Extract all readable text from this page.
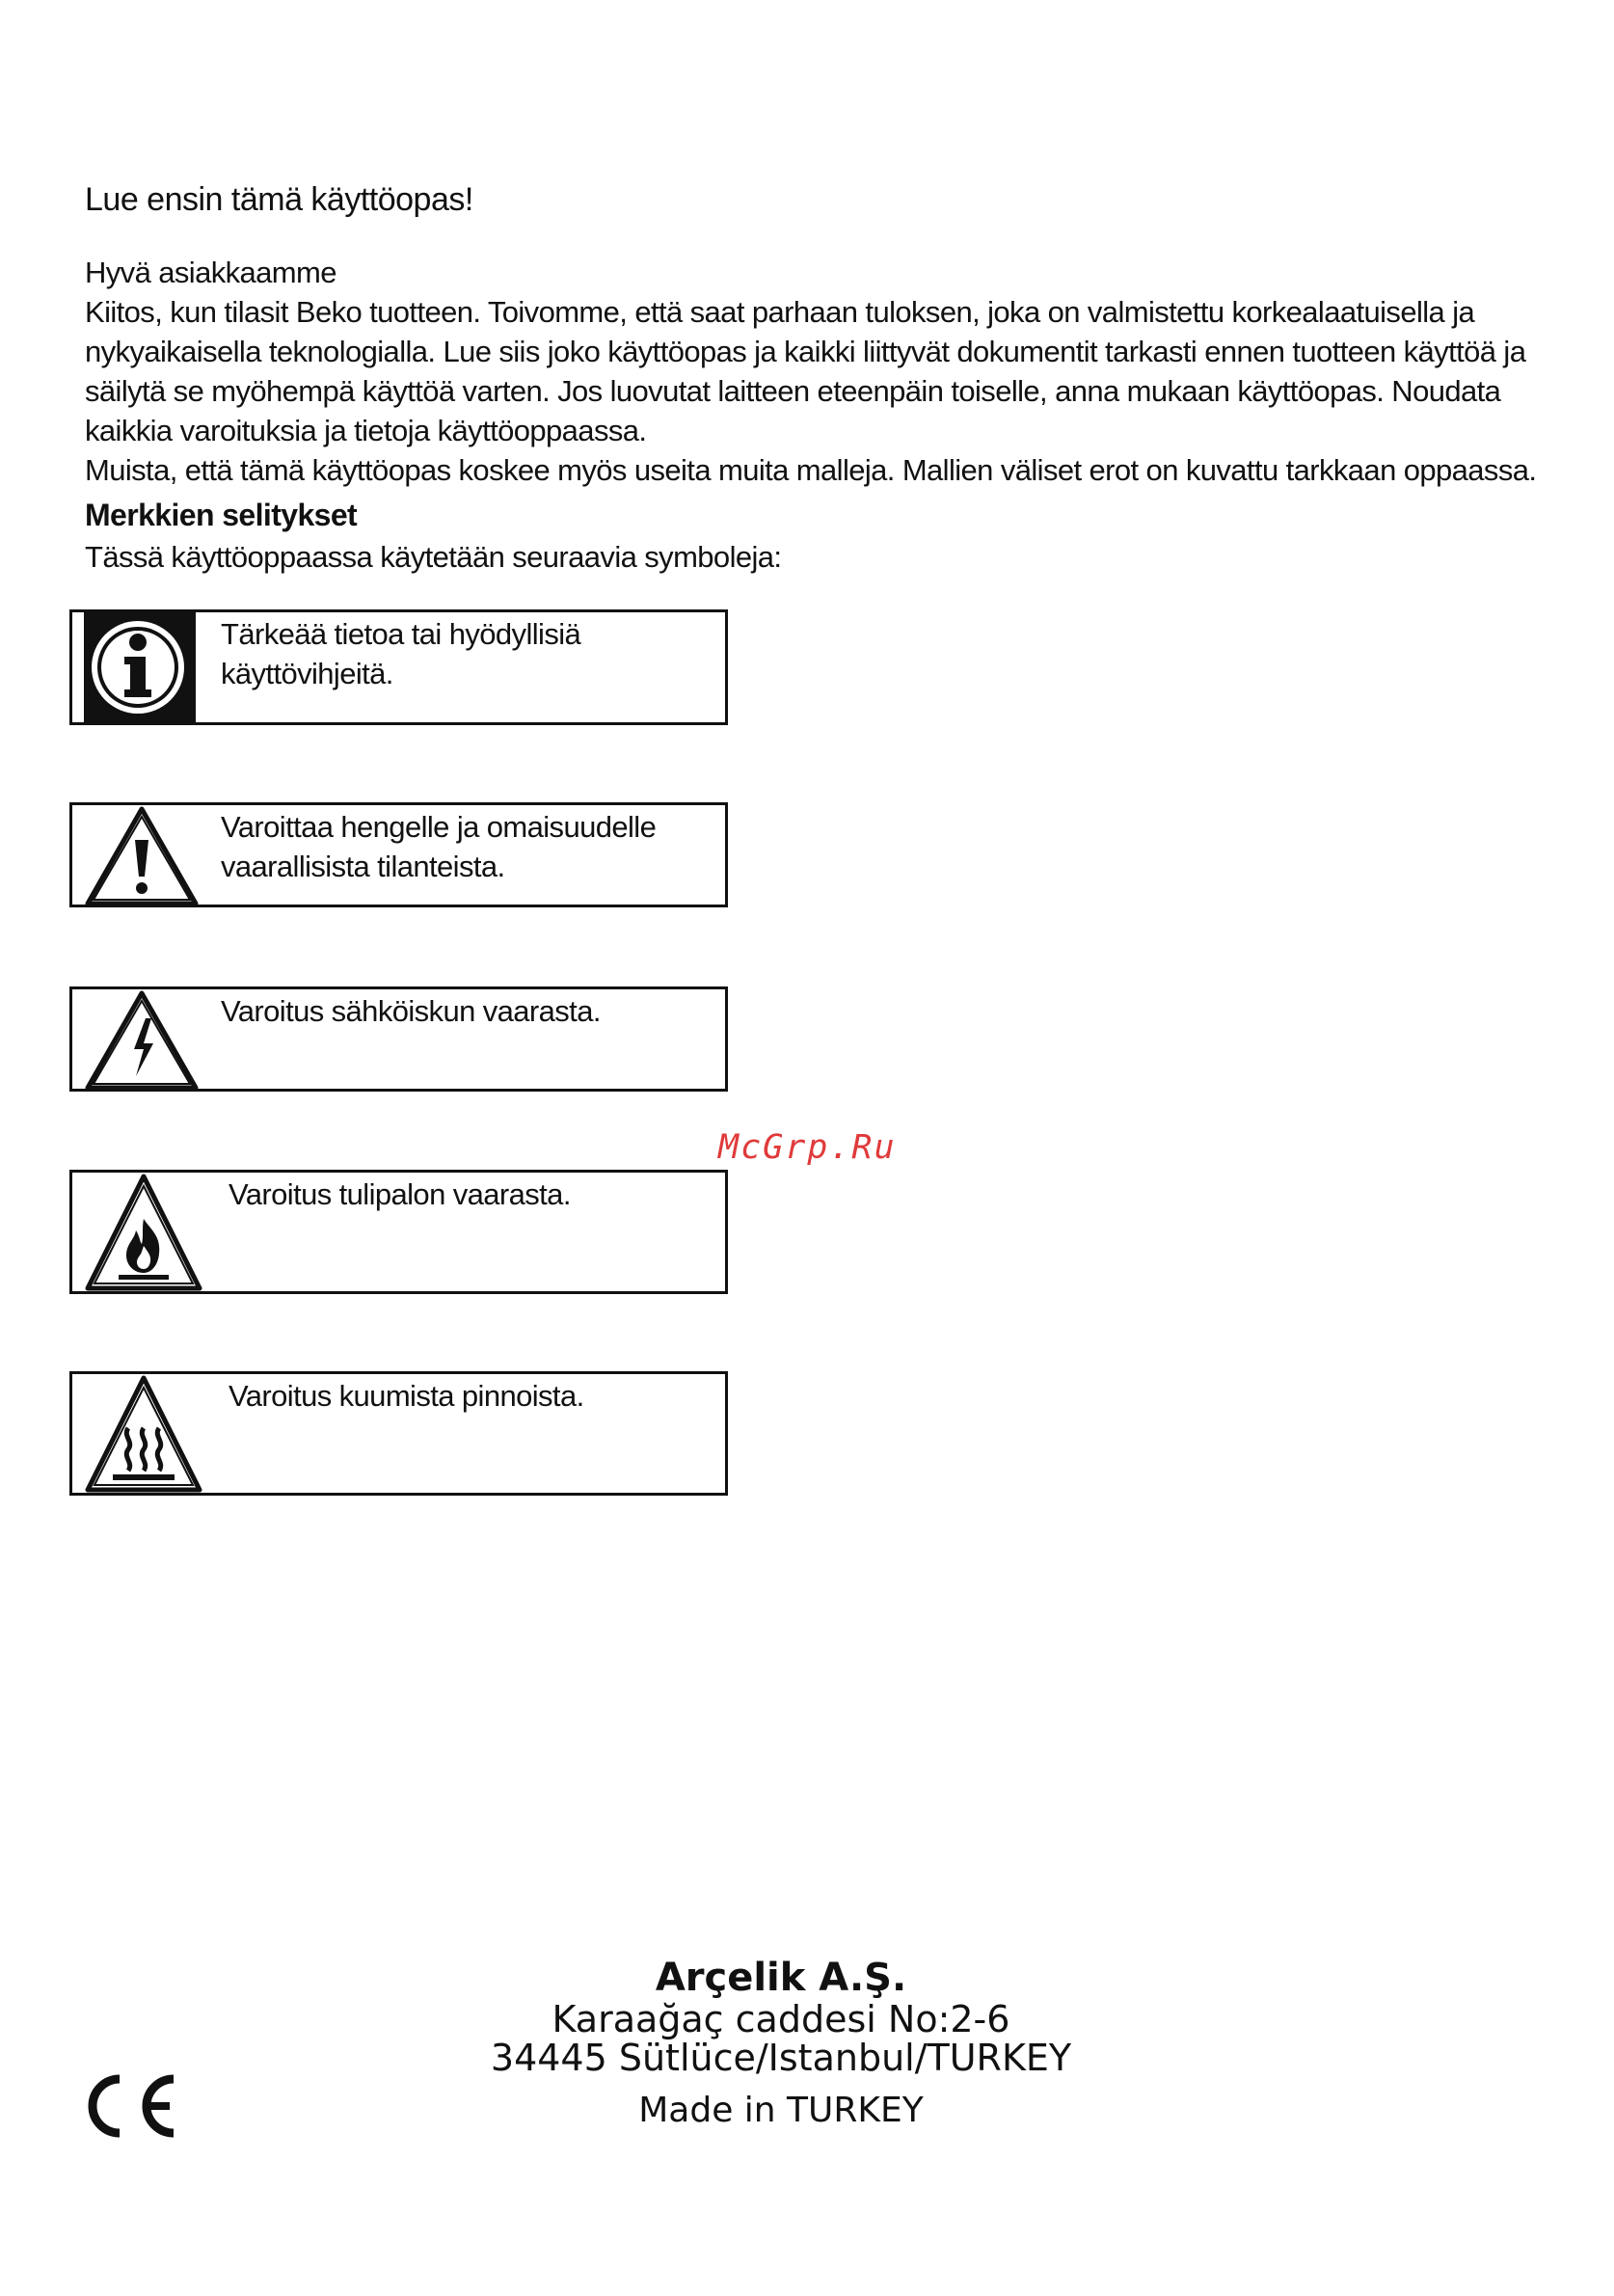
Lue ensin tämä käyttöopas!

Hyvä asiakkaamme

Kiitos, kun tilasit Beko tuotteen. Toivomme, että saat parhaan tuloksen, joka on valmistettu korkealaatuisella ja nykyaikaisella teknologialla. Lue siis joko käyttöopas ja kaikki liittyvät dokumentit tarkasti ennen tuotteen käyttöä ja säilytä se myöhempä käyttöä varten. Jos luovutat laitteen eteenpäin toiselle, anna mukaan käyttöopas. Noudata kaikkia varoituksia ja tietoja käyttöoppaassa.

Muista, että tämä käyttöopas koskee myös useita muita malleja. Mallien väliset erot on kuvattu tarkkaan oppaassa.

Merkkien selitykset
Tässä käyttöoppaassa käytetään seuraavia symboleja:
Tärkeää tietoa tai hyödyllisiä
käyttövihjeitä.
Varoittaa hengelle ja omaisuudelle
vaarallisista tilanteista.
Varoitus sähköiskun vaarasta.
Varoitus tulipalon vaarasta.
Varoitus kuumista pinnoista.
McGrp.Ru
Arçelik A.Ş.
Karaağaç caddesi No:2-6
34445 Sütlüce/Istanbul/TURKEY
Made in TURKEY
